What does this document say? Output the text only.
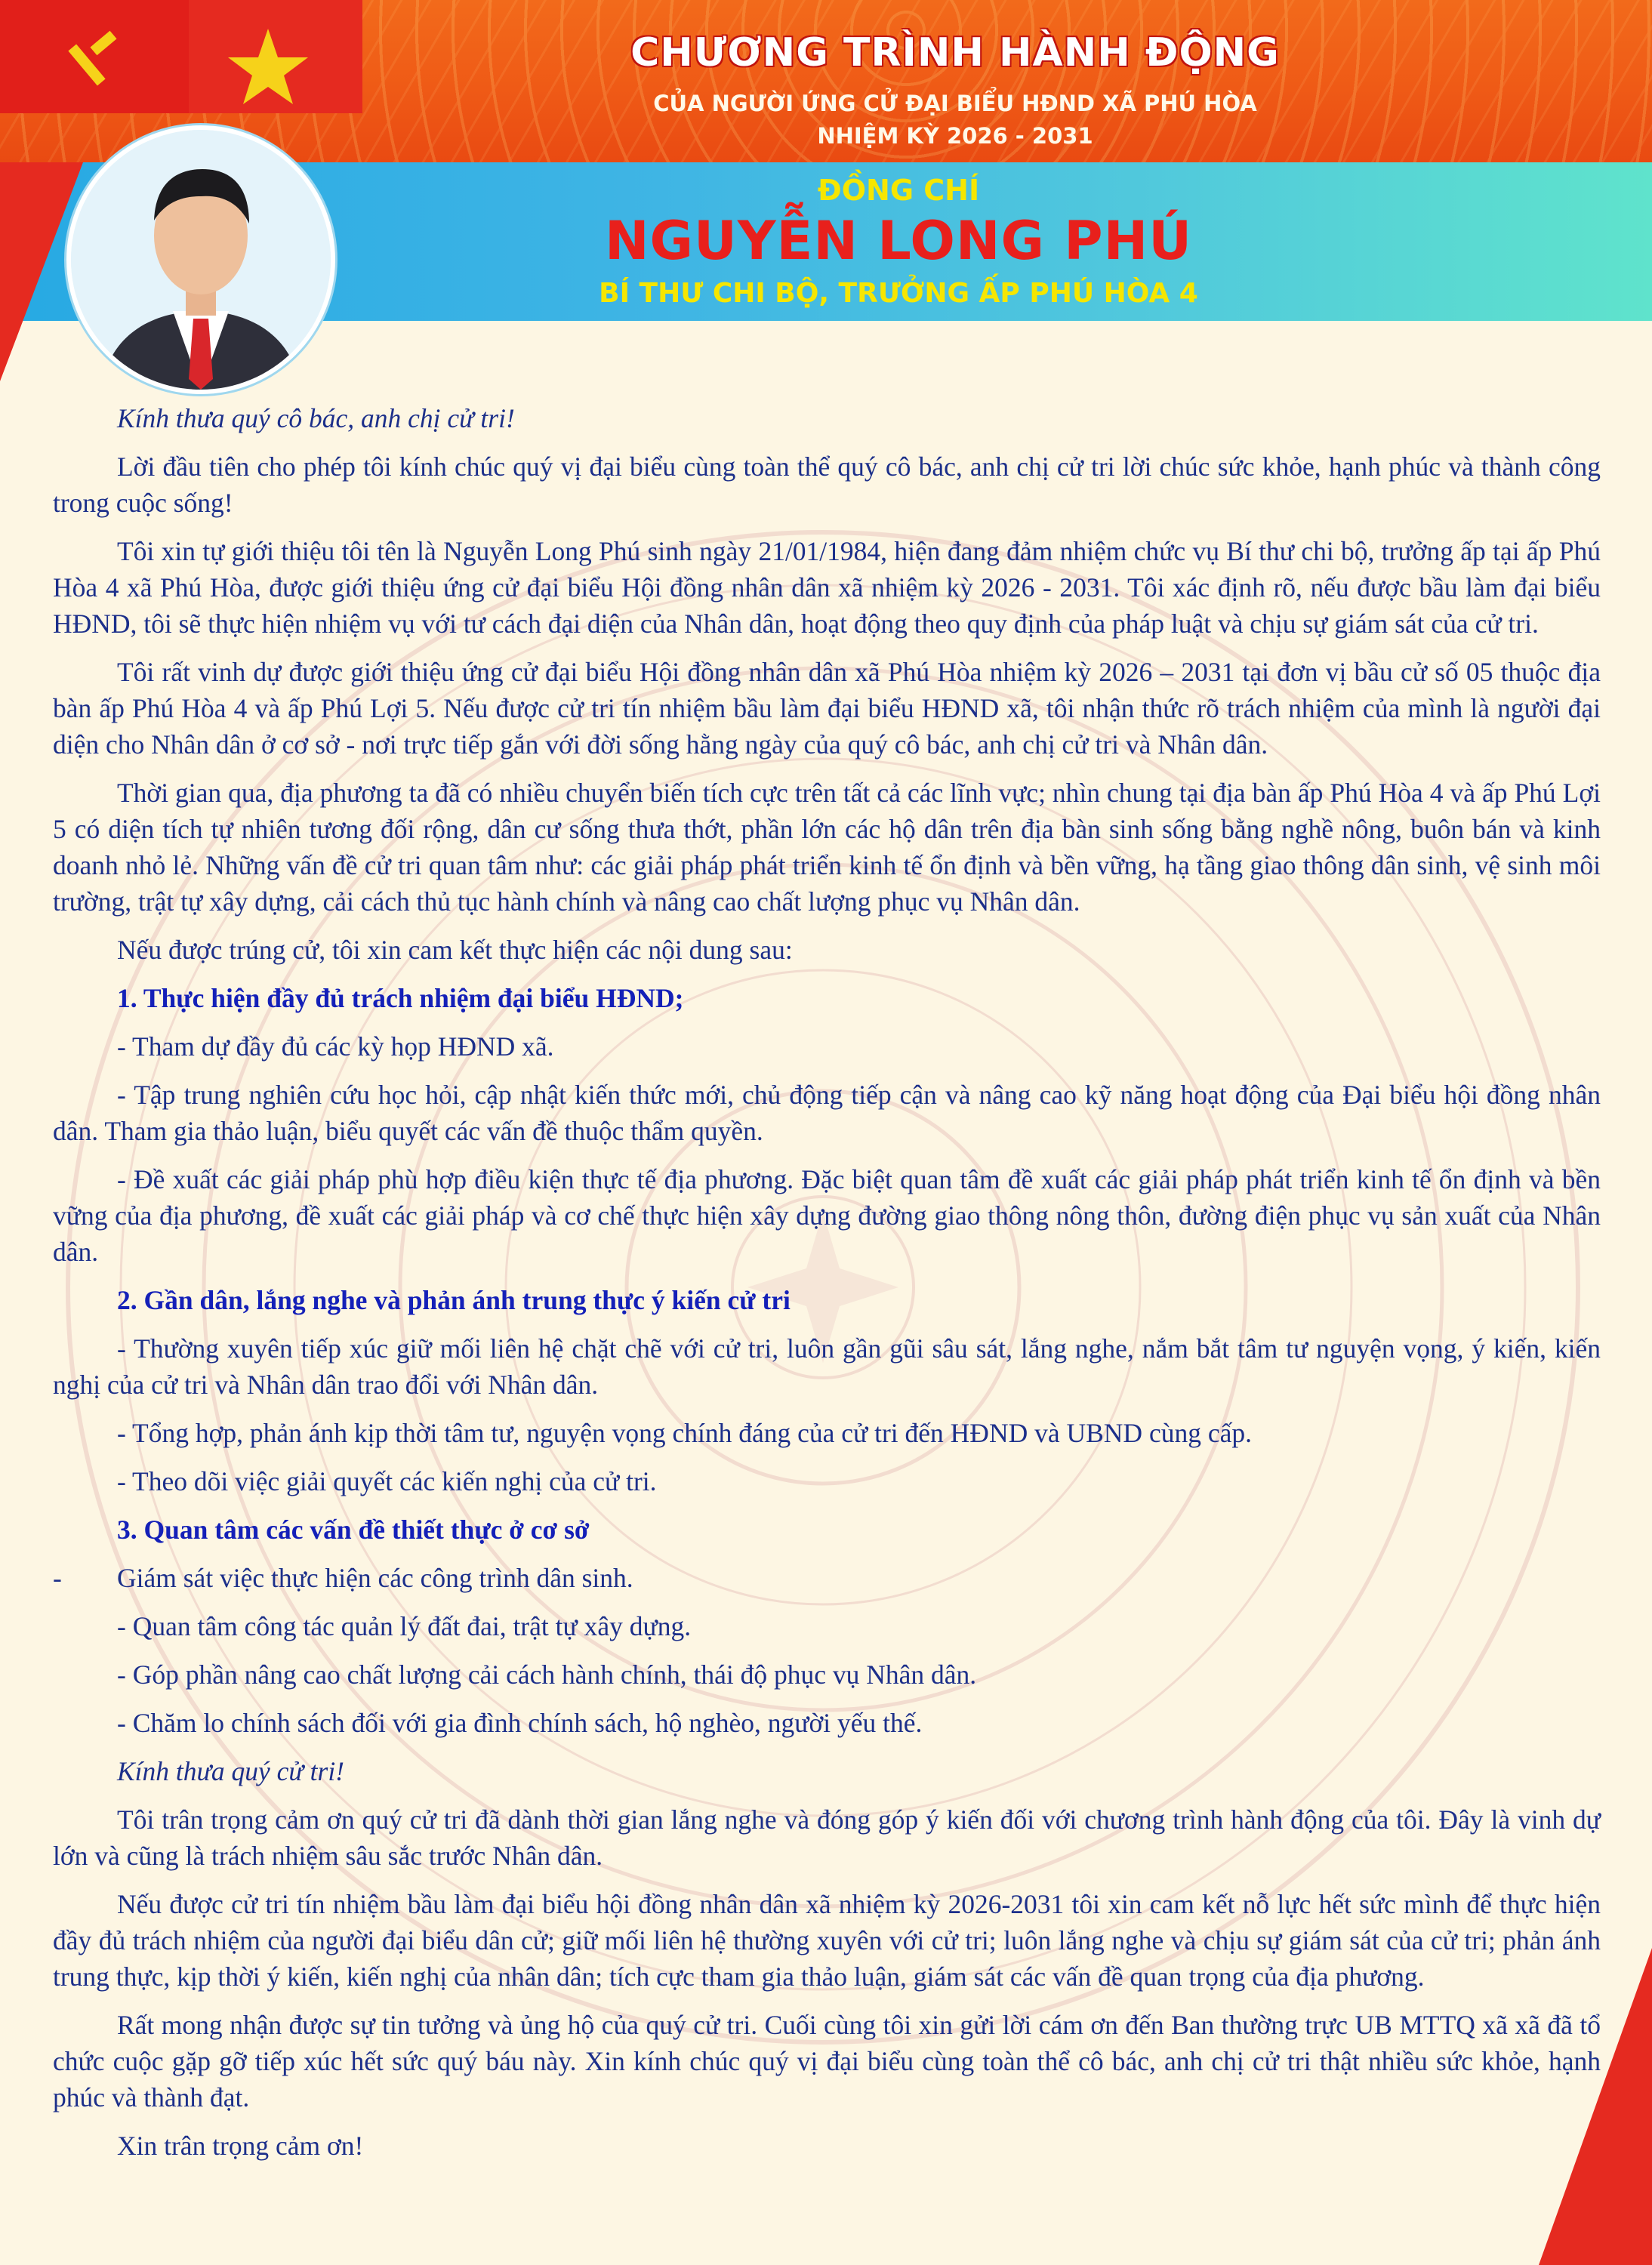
CHƯƠNG TRÌNH HÀNH ĐỘNG
CỦA NGƯỜI ỨNG CỬ ĐẠI BIỂU HĐND XÃ PHÚ HÒA
NHIỆM KỲ 2026 - 2031
ĐỒNG CHÍ
NGUYỄN LONG PHÚ
BÍ THƯ CHI BỘ, TRƯỞNG ẤP PHÚ HÒA 4

Kính thưa quý cô bác, anh chị cử tri!

Lời đầu tiên cho phép tôi kính chúc quý vị đại biểu cùng toàn thể quý cô bác, anh chị cử tri lời chúc sức khỏe, hạnh phúc và thành công trong cuộc sống!

Tôi xin tự giới thiệu tôi tên là Nguyễn Long Phú sinh ngày 21/01/1984, hiện đang đảm nhiệm chức vụ Bí thư chi bộ, trưởng ấp tại ấp Phú Hòa 4 xã Phú Hòa, được giới thiệu ứng cử đại biểu Hội đồng nhân dân xã nhiệm kỳ 2026 - 2031. Tôi xác định rõ, nếu được bầu làm đại biểu HĐND, tôi sẽ thực hiện nhiệm vụ với tư cách đại diện của Nhân dân, hoạt động theo quy định của pháp luật và chịu sự giám sát của cử tri.

Tôi rất vinh dự được giới thiệu ứng cử đại biểu Hội đồng nhân dân xã Phú Hòa nhiệm kỳ 2026 – 2031 tại đơn vị bầu cử số 05 thuộc địa bàn ấp Phú Hòa 4 và ấp Phú Lợi 5. Nếu được cử tri tín nhiệm bầu làm đại biểu HĐND xã, tôi nhận thức rõ trách nhiệm của mình là người đại diện cho Nhân dân ở cơ sở - nơi trực tiếp gắn với đời sống hằng ngày của quý cô bác, anh chị cử tri và Nhân dân.

Thời gian qua, địa phương ta đã có nhiều chuyển biến tích cực trên tất cả các lĩnh vực; nhìn chung tại địa bàn ấp Phú Hòa 4 và ấp Phú Lợi 5 có diện tích tự nhiên tương đối rộng, dân cư sống thưa thớt, phần lớn các hộ dân trên địa bàn sinh sống bằng nghề nông, buôn bán và kinh doanh nhỏ lẻ. Những vấn đề cử tri quan tâm như: các giải pháp phát triển kinh tế ổn định và bền vững, hạ tầng giao thông dân sinh, vệ sinh môi trường, trật tự xây dựng, cải cách thủ tục hành chính và nâng cao chất lượng phục vụ Nhân dân.

Nếu được trúng cử, tôi xin cam kết thực hiện các nội dung sau:

1. Thực hiện đầy đủ trách nhiệm đại biểu HĐND;

- Tham dự đầy đủ các kỳ họp HĐND xã.

- Tập trung nghiên cứu học hỏi, cập nhật kiến thức mới, chủ động tiếp cận và nâng cao kỹ năng hoạt động của Đại biểu hội đồng nhân dân. Tham gia thảo luận, biểu quyết các vấn đề thuộc thẩm quyền.

- Đề xuất các giải pháp phù hợp điều kiện thực tế địa phương. Đặc biệt quan tâm đề xuất các giải pháp phát triển kinh tế ổn định và bền vững của địa phương, đề xuất các giải pháp và cơ chế thực hiện xây dựng đường giao thông nông thôn, đường điện phục vụ sản xuất của Nhân dân.

2. Gần dân, lắng nghe và phản ánh trung thực ý kiến cử tri

- Thường xuyên tiếp xúc giữ mối liên hệ chặt chẽ với cử tri, luôn gần gũi sâu sát, lắng nghe, nắm bắt tâm tư nguyện vọng, ý kiến, kiến nghị của cử tri và Nhân dân trao đổi với Nhân dân.

- Tổng hợp, phản ánh kịp thời tâm tư, nguyện vọng chính đáng của cử tri đến HĐND và UBND cùng cấp.

- Theo dõi việc giải quyết các kiến nghị của cử tri.

3. Quan tâm các vấn đề thiết thực ở cơ sở

- Giám sát việc thực hiện các công trình dân sinh.

- Quan tâm công tác quản lý đất đai, trật tự xây dựng.

- Góp phần nâng cao chất lượng cải cách hành chính, thái độ phục vụ Nhân dân.

- Chăm lo chính sách đối với gia đình chính sách, hộ nghèo, người yếu thế.

Kính thưa quý cử tri!

Tôi trân trọng cảm ơn quý cử tri đã dành thời gian lắng nghe và đóng góp ý kiến đối với chương trình hành động của tôi. Đây là vinh dự lớn và cũng là trách nhiệm sâu sắc trước Nhân dân.

Nếu được cử tri tín nhiệm bầu làm đại biểu hội đồng nhân dân xã nhiệm kỳ 2026-2031 tôi xin cam kết nỗ lực hết sức mình để thực hiện đầy đủ trách nhiệm của người đại biểu dân cử; giữ mối liên hệ thường xuyên với cử tri; luôn lắng nghe và chịu sự giám sát của cử tri; phản ánh trung thực, kịp thời ý kiến, kiến nghị của nhân dân; tích cực tham gia thảo luận, giám sát các vấn đề quan trọng của địa phương.

Rất mong nhận được sự tin tưởng và ủng hộ của quý cử tri. Cuối cùng tôi xin gửi lời cám ơn đến Ban thường trực UB MTTQ xã xã đã tổ chức cuộc gặp gỡ tiếp xúc hết sức quý báu này. Xin kính chúc quý vị đại biểu cùng toàn thể cô bác, anh chị cử tri thật nhiều sức khỏe, hạnh phúc và thành đạt.

Xin trân trọng cảm ơn!
